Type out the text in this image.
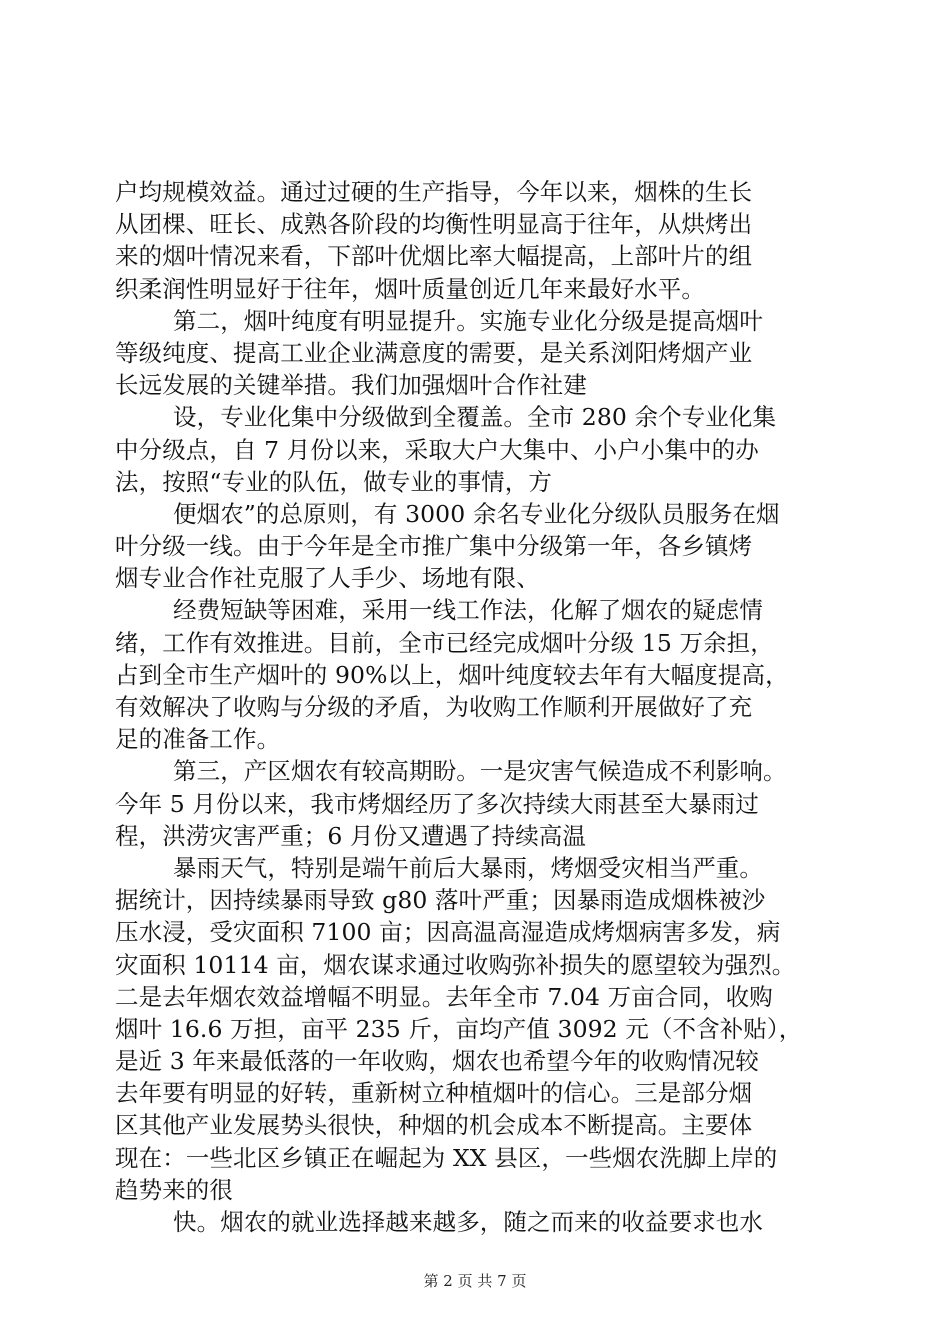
户均规模效益。通过过硬的生产指导，今年以来，烟株的生长
从团棵、旺长、成熟各阶段的均衡性明显高于往年，从烘烤出
来的烟叶情况来看，下部叶优烟比率大幅提高，上部叶片的组
织柔润性明显好于往年，烟叶质量创近几年来最好水平。
第二，烟叶纯度有明显提升。实施专业化分级是提高烟叶
等级纯度、提高工业企业满意度的需要，是关系浏阳烤烟产业
长远发展的关键举措。我们加强烟叶合作社建
设，专业化集中分级做到全覆盖。全市 280 余个专业化集
中分级点，自 7 月份以来，采取大户大集中、小户小集中的办
法，按照“专业的队伍，做专业的事情，方
便烟农”的总原则，有 3000 余名专业化分级队员服务在烟
叶分级一线。由于今年是全市推广集中分级第一年，各乡镇烤
烟专业合作社克服了人手少、场地有限、
经费短缺等困难，采用一线工作法，化解了烟农的疑虑情
绪，工作有效推进。目前，全市已经完成烟叶分级 15 万余担，
占到全市生产烟叶的 90%以上，烟叶纯度较去年有大幅度提高，
有效解决了收购与分级的矛盾，为收购工作顺利开展做好了充
足的准备工作。
第三，产区烟农有较高期盼。一是灾害气候造成不利影响。
今年 5 月份以来，我市烤烟经历了多次持续大雨甚至大暴雨过
程，洪涝灾害严重；6 月份又遭遇了持续高温
暴雨天气，特别是端午前后大暴雨，烤烟受灾相当严重。
据统计，因持续暴雨导致 g80 落叶严重；因暴雨造成烟株被沙
压水浸，受灾面积 7100 亩；因高温高湿造成烤烟病害多发，病
灾面积 10114 亩，烟农谋求通过收购弥补损失的愿望较为强烈。
二是去年烟农效益增幅不明显。去年全市 7.04 万亩合同，收购
烟叶 16.6 万担，亩平 235 斤，亩均产值 3092 元（不含补贴），
是近 3 年来最低落的一年收购，烟农也希望今年的收购情况较
去年要有明显的好转，重新树立种植烟叶的信心。三是部分烟
区其他产业发展势头很快，种烟的机会成本不断提高。主要体
现在：一些北区乡镇正在崛起为 XX 县区，一些烟农洗脚上岸的
趋势来的很
快。烟农的就业选择越来越多，随之而来的收益要求也水
第 2 页 共 7 页
